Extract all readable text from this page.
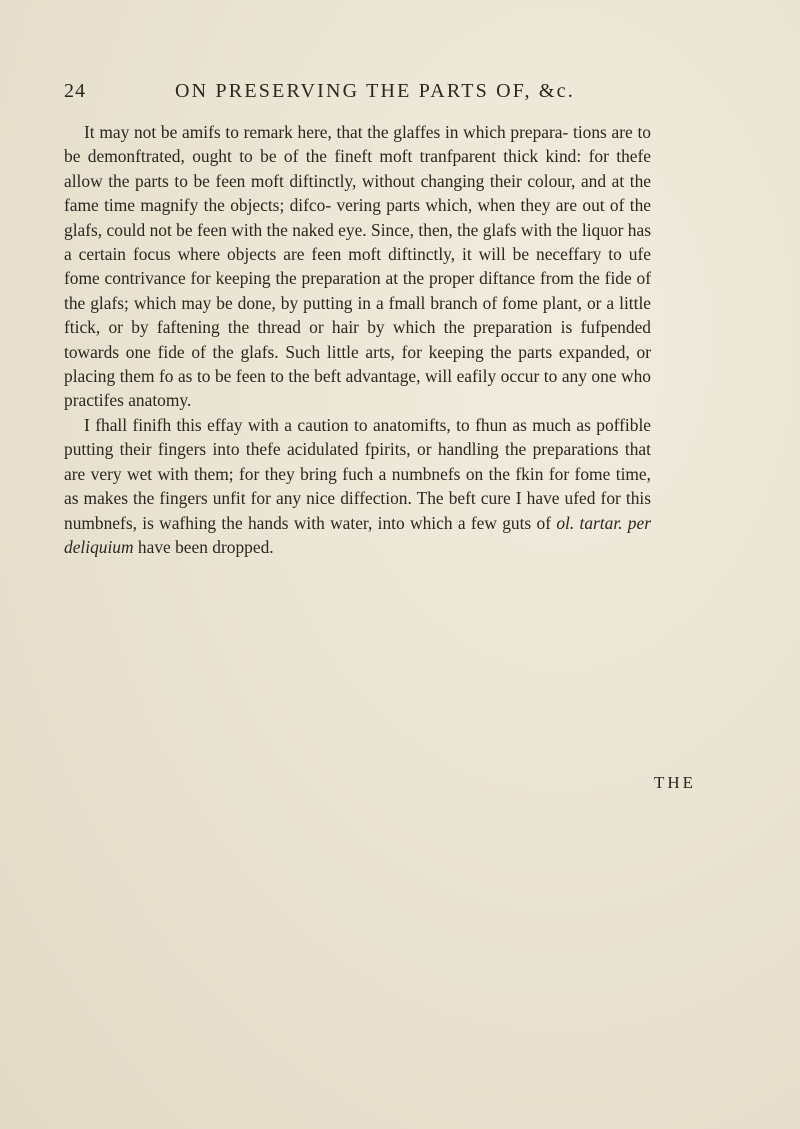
24	ON PRESERVING THE PARTS OF, &c.

It may not be amifs to remark here, that the glaffes in which prepara- tions are to be demonftrated, ought to be of the fineft moft tranfparent thick kind: for thefe allow the parts to be feen moft diftinctly, without changing their colour, and at the fame time magnify the objects; difco- vering parts which, when they are out of the glafs, could not be feen with the naked eye. Since, then, the glafs with the liquor has a certain focus where objects are feen moft diftinctly, it will be neceffary to ufe fome contrivance for keeping the preparation at the proper diftance from the fide of the glafs; which may be done, by putting in a fmall branch of fome plant, or a little ftick, or by faftening the thread or hair by which the preparation is fufpended towards one fide of the glafs. Such little arts, for keeping the parts expanded, or placing them fo as to be feen to the beft advantage, will eafily occur to any one who practifes anatomy.

I fhall finifh this effay with a caution to anatomifts, to fhun as much as poffible putting their fingers into thefe acidulated fpirits, or handling the preparations that are very wet with them; for they bring fuch a numbnefs on the fkin for fome time, as makes the fingers unfit for any nice diffection. The beft cure I have ufed for this numbnefs, is wafhing the hands with water, into which a few guts of ol. tartar. per deliquium have been dropped.

THE
